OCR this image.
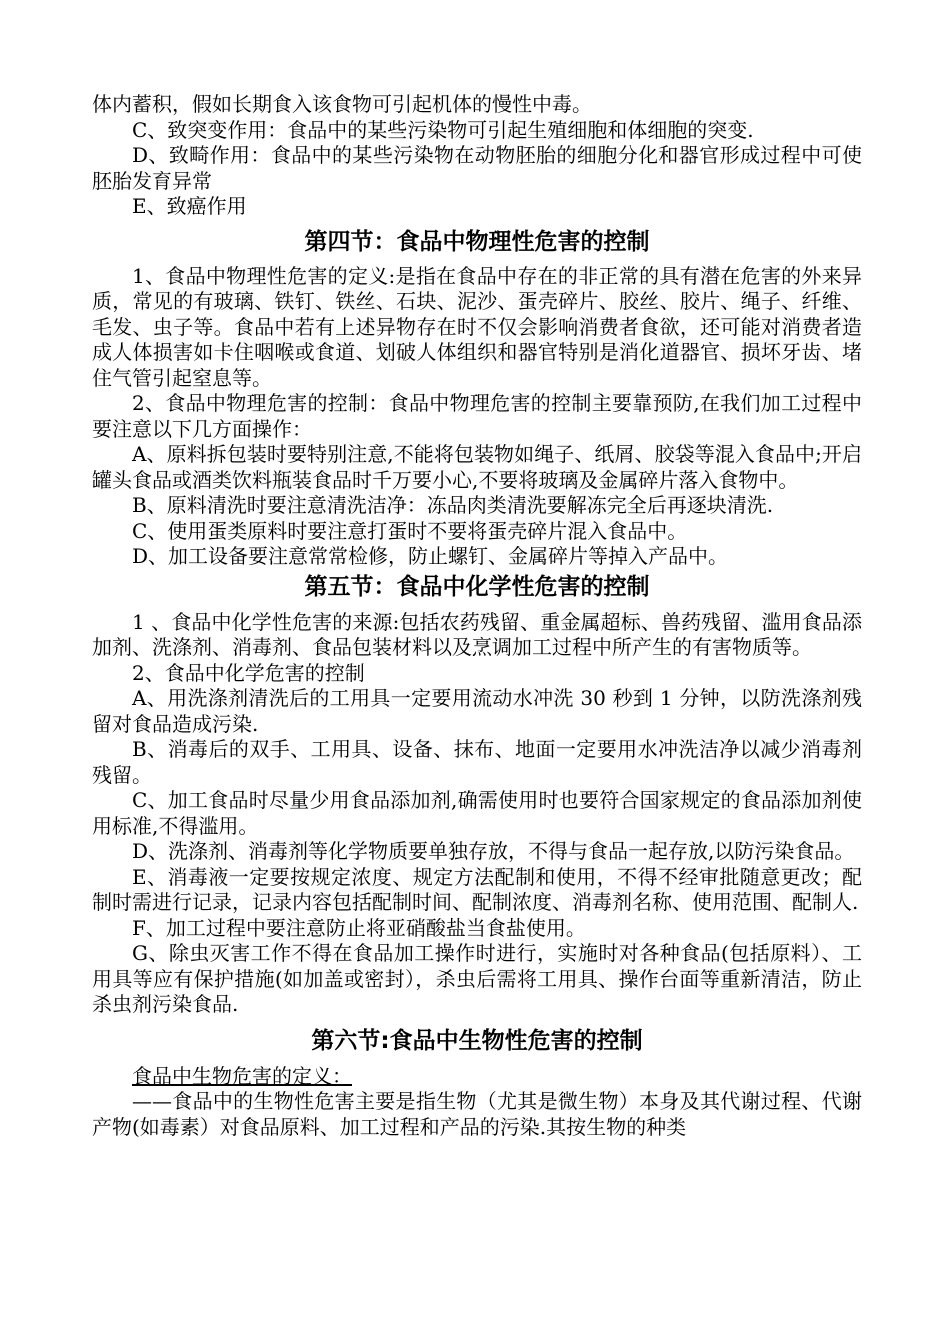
体内蓄积，假如长期食入该食物可引起机体的慢性中毒。

C、致突变作用：食品中的某些污染物可引起生殖细胞和体细胞的突变.

D、致畸作用：食品中的某些污染物在动物胚胎的细胞分化和器官形成过程中可使胚胎发育异常

E、致癌作用

第四节：食品中物理性危害的控制

1、食品中物理性危害的定义:是指在食品中存在的非正常的具有潜在危害的外来异质，常见的有玻璃、铁钉、铁丝、石块、泥沙、蛋壳碎片、胶丝、胶片、绳子、纤维、毛发、虫子等。食品中若有上述异物存在时不仅会影响消费者食欲，还可能对消费者造成人体损害如卡住咽喉或食道、划破人体组织和器官特别是消化道器官、损坏牙齿、堵住气管引起窒息等。

2、食品中物理危害的控制：食品中物理危害的控制主要靠预防,在我们加工过程中要注意以下几方面操作：

A、原料拆包装时要特别注意,不能将包装物如绳子、纸屑、胶袋等混入食品中;开启罐头食品或酒类饮料瓶装食品时千万要小心,不要将玻璃及金属碎片落入食物中。

B、原料清洗时要注意清洗洁净：冻品肉类清洗要解冻完全后再逐块清洗.

C、使用蛋类原料时要注意打蛋时不要将蛋壳碎片混入食品中。

D、加工设备要注意常常检修，防止螺钉、金属碎片等掉入产品中。

第五节：食品中化学性危害的控制

1 、食品中化学性危害的来源:包括农药残留、重金属超标、兽药残留、滥用食品添加剂、洗涤剂、消毒剂、食品包装材料以及烹调加工过程中所产生的有害物质等。

2、食品中化学危害的控制

A、用洗涤剂清洗后的工用具一定要用流动水冲洗 30 秒到 1 分钟，以防洗涤剂残留对食品造成污染.

B、消毒后的双手、工用具、设备、抹布、地面一定要用水冲洗洁净以减少消毒剂残留。

C、加工食品时尽量少用食品添加剂,确需使用时也要符合国家规定的食品添加剂使用标准,不得滥用。

D、洗涤剂、消毒剂等化学物质要单独存放，不得与食品一起存放,以防污染食品。

E、消毒液一定要按规定浓度、规定方法配制和使用，不得不经审批随意更改；配制时需进行记录，记录内容包括配制时间、配制浓度、消毒剂名称、使用范围、配制人.

F、加工过程中要注意防止将亚硝酸盐当食盐使用。

G、除虫灭害工作不得在食品加工操作时进行，实施时对各种食品(包括原料）、工用具等应有保护措施(如加盖或密封），杀虫后需将工用具、操作台面等重新清洁，防止杀虫剂污染食品.

第六节:食品中生物性危害的控制

食品中生物危害的定义：

——食品中的生物性危害主要是指生物（尤其是微生物）本身及其代谢过程、代谢产物(如毒素）对食品原料、加工过程和产品的污染.其按生物的种类
